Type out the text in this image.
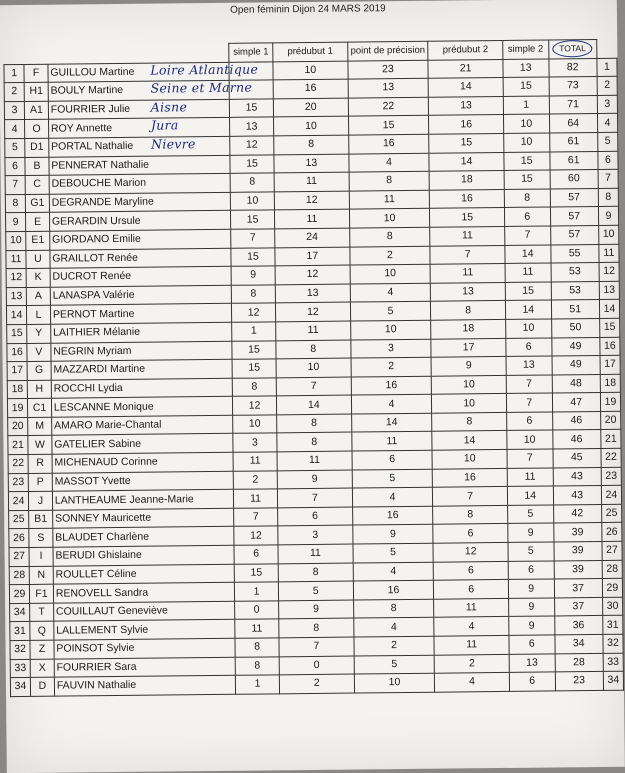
Open féminin Dijon 24 MARS 2019
			simple 1	prédubut 1	point de précision	prédubut 2	simple 2	TOTAL	
1	F	GUILLOU Martine Loire Atlantique		10	23	21	13	82	1
2	H1	BOULY Martine Seine et Marne		16	13	14	15	73	2
3	A1	FOURRIER Julie Aisne	15	20	22	13	1	71	3
4	O	ROY Annette Jura	13	10	15	16	10	64	4
5	D1	PORTAL Nathalie Nievre	12	8	16	15	10	61	5
6	B	PENNERAT Nathalie	15	13	4	14	15	61	6
7	C	DEBOUCHE Marion	8	11	8	18	15	60	7
8	G1	DEGRANDE Maryline	10	12	11	16	8	57	8
9	E	GERARDIN Ursule	15	11	10	15	6	57	9
10	E1	GIORDANO Emilie	7	24	8	11	7	57	10
11	U	GRAILLOT Renée	15	17	2	7	14	55	11
12	K	DUCROT Renée	9	12	10	11	11	53	12
13	A	LANASPA Valérie	8	13	4	13	15	53	13
14	L	PERNOT Martine	12	12	5	8	14	51	14
15	Y	LAITHIER Mélanie	1	11	10	18	10	50	15
16	V	NEGRIN Myriam	15	8	3	17	6	49	16
17	G	MAZZARDI Martine	15	10	2	9	13	49	17
18	H	ROCCHI Lydia	8	7	16	10	7	48	18
19	C1	LESCANNE Monique	12	14	4	10	7	47	19
20	M	AMARO Marie-Chantal	10	8	14	8	6	46	20
21	W	GATELIER Sabine	3	8	11	14	10	46	21
22	R	MICHENAUD Corinne	11	11	6	10	7	45	22
23	P	MASSOT Yvette	2	9	5	16	11	43	23
24	J	LANTHEAUME Jeanne-Marie	11	7	4	7	14	43	24
25	B1	SONNEY Mauricette	7	6	16	8	5	42	25
26	S	BLAUDET Charlène	12	3	9	6	9	39	26
27	I	BERUDI Ghislaine	6	11	5	12	5	39	27
28	N	ROULLET Céline	15	8	4	6	6	39	28
29	F1	RENOVELL Sandra	1	5	16	6	9	37	29
34	T	COUILLAUT Geneviève	0	9	8	11	9	37	30
31	Q	LALLEMENT Sylvie	11	8	4	4	9	36	31
32	Z	POINSOT Sylvie	8	7	2	11	6	34	32
33	X	FOURRIER Sara	8	0	5	2	13	28	33
34	D	FAUVIN Nathalie	1	2	10	4	6	23	34
